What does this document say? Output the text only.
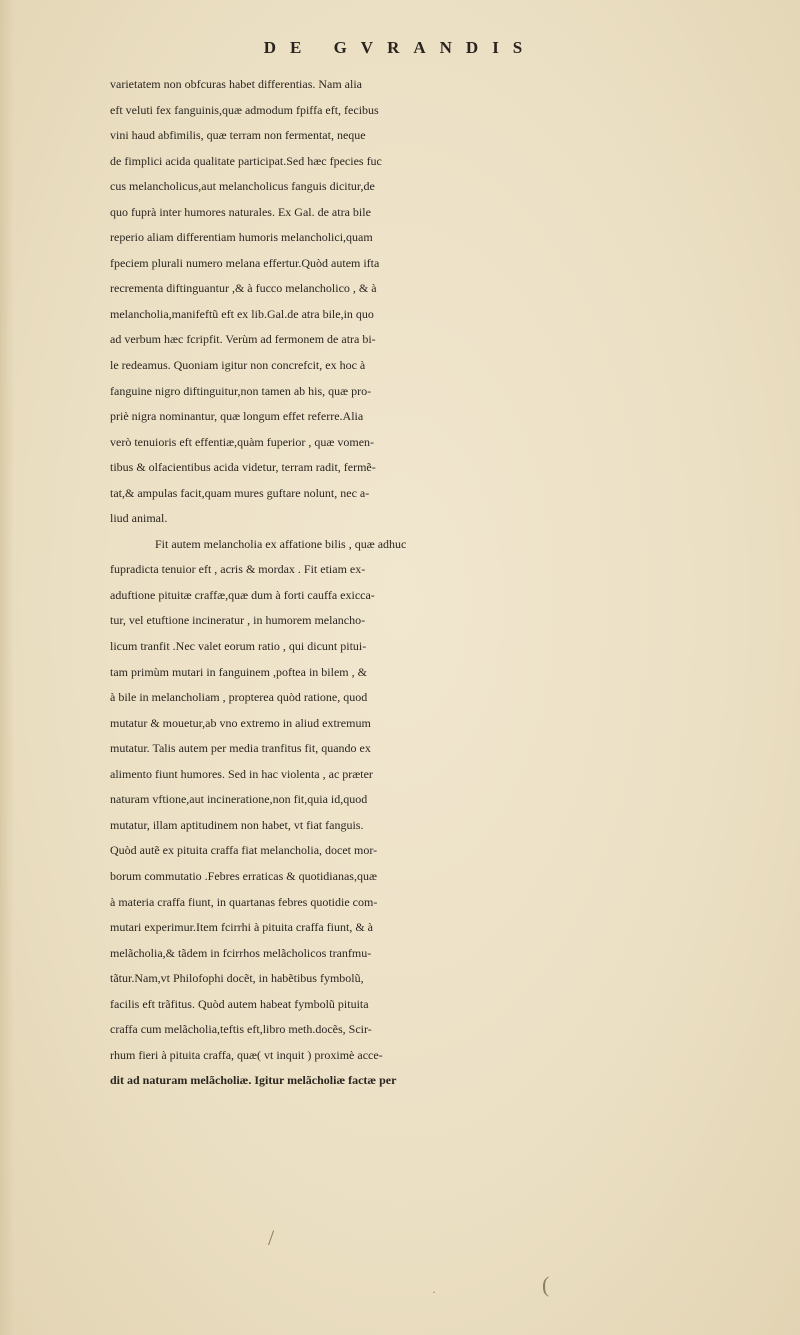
DE GVRANDIS
varietatem non obfcuras habet differentias. Nam alia
eft veluti fex fanguinis,quæ admodum fpiffa eft, fecibus
vini haud abfimilis, quæ terram non fermentat, neque
de fimplici acida qualitate participat.Sed hæc fpecies fuc
cus melancholicus,aut melancholicus fanguis dicitur,de
quo fuprà inter humores naturales. Ex Gal. de atra bile
reperio aliam differentiam humoris melancholici,quam
fpeciem plurali numero melana effertur.Quòd autem ifta
recrementa diftinguantur ,& à fucco melancholico , & à
melancholia,manifeftũ eft ex lib.Gal.de atra bile,in quo
ad verbum hæc fcripfit. Verùm ad fermonem de atra bi-
le redeamus. Quoniam igitur non concrefcit, ex hoc à
fanguine nigro diftinguitur,non tamen ab his, quæ pro-
priè nigra nominantur, quæ longum effet referre.Alia
verò tenuioris eft effentiæ,quàm fuperior , quæ vomen-
tibus & olfacientibus acida videtur, terram radit, fermẽ-
tat,& ampulas facit,quam mures guftare nolunt, nec a-
liud animal.
Fit autem melancholia ex affatione bilis , quæ adhuc
fupradicta tenuior eft , acris & mordax . Fit etiam ex-
aduftione pituitæ craffæ,quæ dum à forti cauffa exicca-
tur, vel etuftione incineratur , in humorem melancho-
licum tranfit .Nec valet eorum ratio , qui dicunt pitui-
tam primùm mutari in fanguinem ,poftea in bilem , &
à bile in melancholiam , propterea quòd ratione, quod
mutatur & mouetur,ab vno extremo in aliud extremum
mutatur. Talis autem per media tranfitus fit, quando ex
alimento fiunt humores. Sed in hac violenta , ac præter
naturam vftione,aut incineratione,non fit,quia id,quod
mutatur, illam aptitudinem non habet, vt fiat fanguis.
Quòd autẽ ex pituita craffa fiat melancholia, docet mor-
borum commutatio .Febres erraticas & quotidianas,quæ
à materia craffa fiunt, in quartanas febres quotidie com-
mutari experimur.Item fcirrhi à pituita craffa fiunt, & à
melãcholia,& tãdem in fcirrhos melãcholicos tranfmu-
tãtur.Nam,vt Philofophi docẽt, in habẽtibus fymbolũ,
facilis eft trãfitus. Quòd autem habeat fymbolũ pituita
craffa cum melãcholia,teftis eft,libro meth.docẽs, Scir-
rhum fieri à pituita craffa, quæ( vt inquit ) proximè acce-
dit ad naturam melãcholiæ. Igitur melãcholiæ factæ per
/
(
·
